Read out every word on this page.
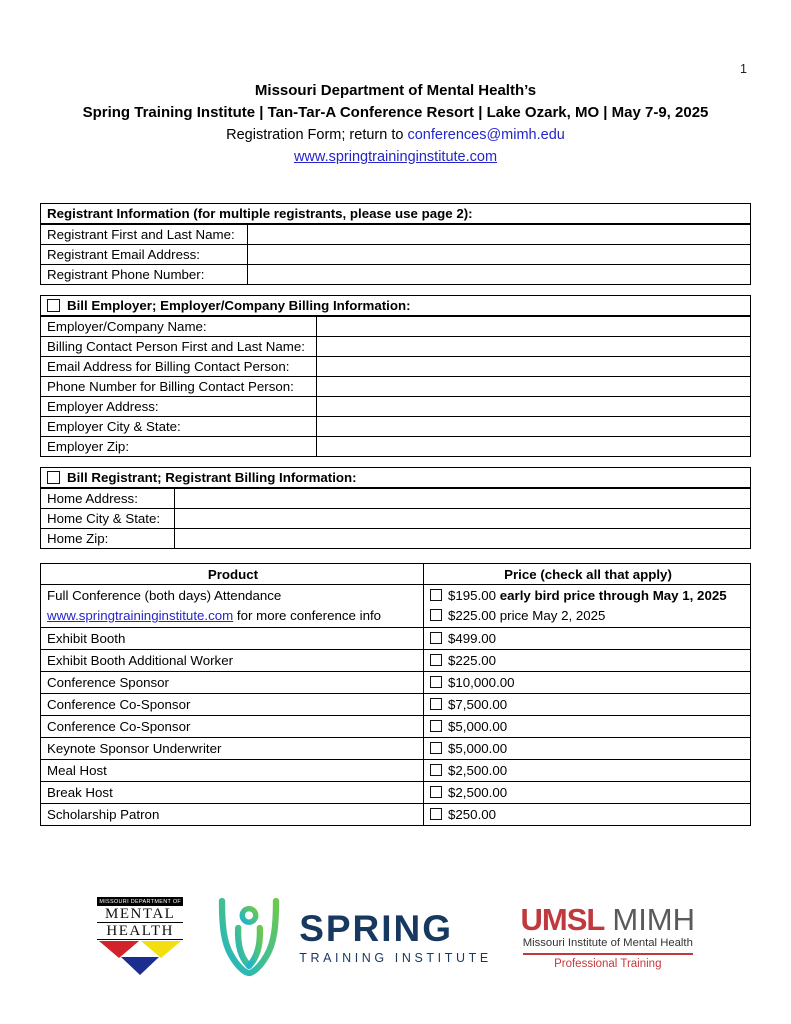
1
Missouri Department of Mental Health’s
Spring Training Institute | Tan-Tar-A Conference Resort | Lake Ozark, MO | May 7-9, 2025
Registration Form; return to conferences@mimh.edu
www.springtraininginstitute.com
Registrant Information (for multiple registrants, please use page 2):	
Registrant First and Last Name:	
Registrant Email Address:	
Registrant Phone Number:	
Bill Employer; Employer/Company Billing Information:	
Employer/Company Name:	
Billing Contact Person First and Last Name:	
Email Address for Billing Contact Person:	
Phone Number for Billing Contact Person:	
Employer Address:	
Employer City & State:	
Employer Zip:	
Bill Registrant; Registrant Billing Information:	
Home Address:	
Home City & State:	
Home Zip:	
Product	Price (check all that apply)

Full Conference (both days) Attendance
www.springtraininginstitute.com for more conference info

$195.00 early bird price through May 1, 2025
$225.00 price May 2, 2025

Exhibit Booth	$499.00
Exhibit Booth Additional Worker	$225.00
Conference Sponsor	$10,000.00
Conference Co-Sponsor	$7,500.00
Conference Co-Sponsor	$5,000.00
Keynote Sponsor Underwriter	$5,000.00
Meal Host	$2,500.00
Break Host	$2,500.00
Scholarship Patron	$250.00
MISSOURI DEPARTMENT OF
MENTAL
HEALTH	SPRING
TRAINING INSTITUTE
UMSL MIMH
Missouri Institute of Mental Health
Professional Training
